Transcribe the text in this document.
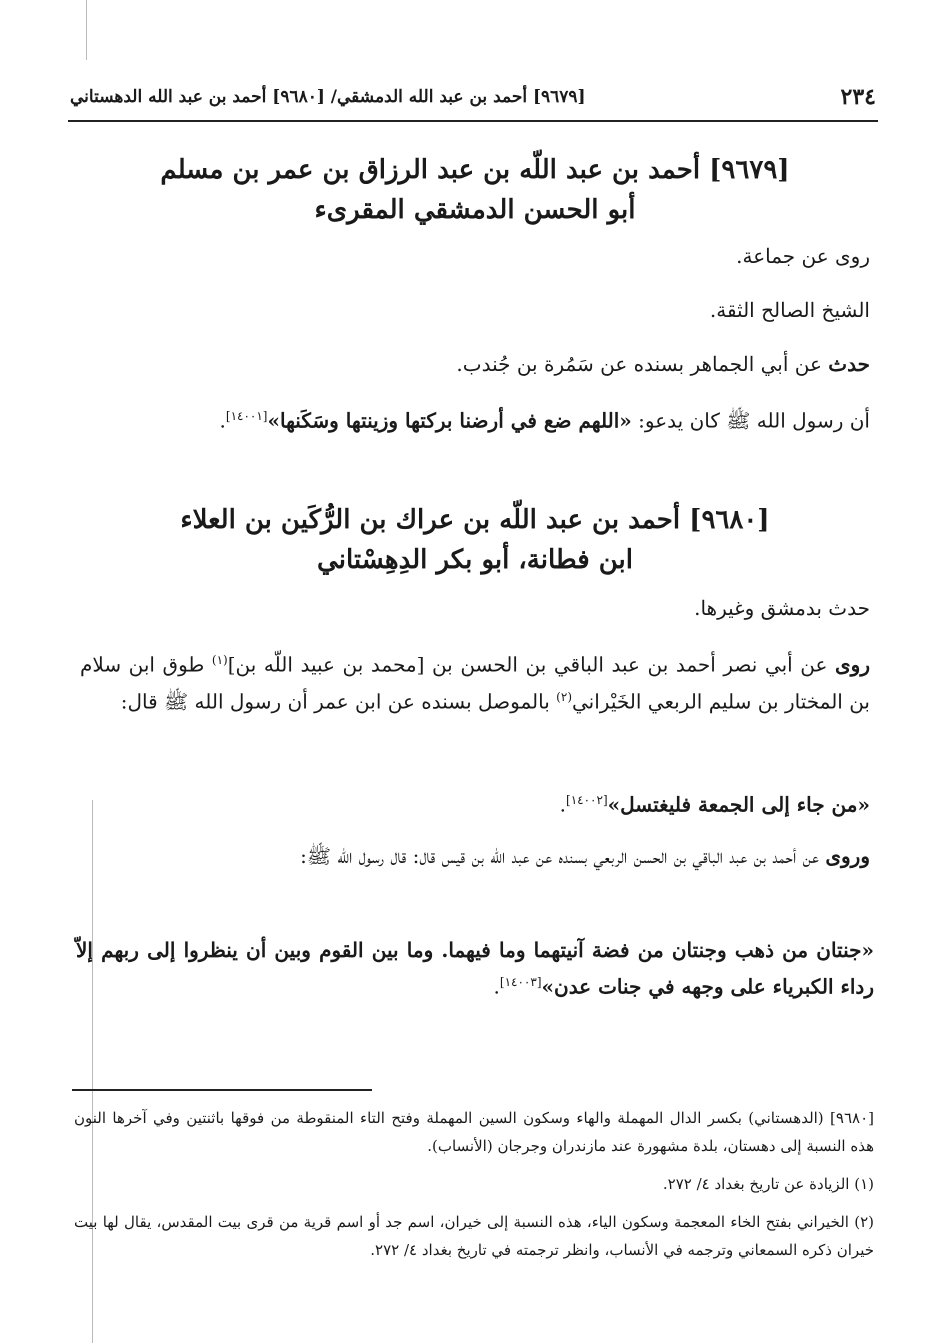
٢٣٤
[٩٦٧٩] أحمد بن عبد الله الدمشقي/ [٩٦٨٠] أحمد بن عبد الله الدهستاني
[٩٦٧٩] أحمد بن عبد اللّه بن عبد الرزاق بن عمر بن مسلم
أبو الحسن الدمشقي المقرىء
روى عن جماعة.
الشيخ الصالح الثقة.
حدث عن أبي الجماهر بسنده عن سَمُرة بن جُندب.
أن رسول الله ﷺ كان يدعو: «اللهم ضع في أرضنا بركتها وزينتها وسَكَنها»[١٤٠٠١].
[٩٦٨٠] أحمد بن عبد اللّه بن عراك بن الرُّكَين بن العلاء
ابن فطانة، أبو بكر الدِهِسْتاني
حدث بدمشق وغيرها.
روى عن أبي نصر أحمد بن عبد الباقي بن الحسن بن [محمد بن عبيد اللّه بن]$^{(١)}$ طوق ابن سلام بن المختار بن سليم الربعي الخَيْراني$^{(٢)}$ بالموصل بسنده عن ابن عمر أن رسول الله ﷺ قال:
«من جاء إلى الجمعة فليغتسل»[١٤٠٠٢].
وروى عن أحمد بن عبد الباقي بن الحسن الربعي بسنده عن عبد الله بن قيس قال: قال رسول الله ﷺ:
«جنتان من ذهب وجنتان من فضة آنيتهما وما فيهما. وما بين القوم وبين أن ينظروا إلى ربهم إلاّ رداء الكبرياء على وجهه في جنات عدن»[١٤٠٠٣].
[٩٦٨٠] (الدهستاني) بكسر الدال المهملة والهاء وسكون السين المهملة وفتح التاء المنقوطة من فوقها باثنتين وفي آخرها النون هذه النسبة إلى دهستان، بلدة مشهورة عند مازندران وجرجان (الأنساب).
(١) الزيادة عن تاريخ بغداد ٤/ ٢٧٢.
(٢) الخيراني بفتح الخاء المعجمة وسكون الياء، هذه النسبة إلى خيران، اسم جد أو اسم قرية من قرى بيت المقدس، يقال لها بيت خيران ذكره السمعاني وترجمه في الأنساب، وانظر ترجمته في تاريخ بغداد ٤/ ٢٧٢.
